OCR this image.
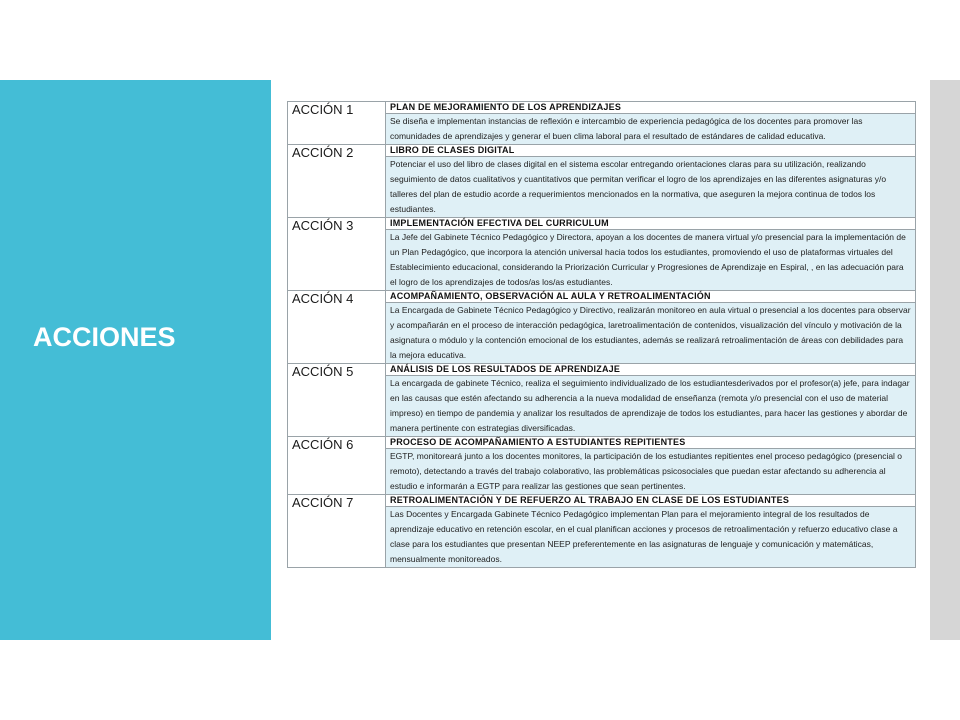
ACCIONES
ACCIÓN 1	PLAN DE MEJORAMIENTO DE LOS APRENDIZAJES
	Se diseña e implementan instancias de reflexión e intercambio de experiencia pedagógica de los docentes para promover las comunidades de aprendizajes y generar el buen clima laboral para el resultado de estándares de calidad educativa.
ACCIÓN 2	LIBRO DE CLASES DIGITAL
	Potenciar el uso del libro de clases digital en el sistema escolar entregando orientaciones claras para su utilización, realizando seguimiento de datos cualitativos y cuantitativos que permitan verificar el logro de los aprendizajes en las diferentes asignaturas y/o talleres del plan de estudio acorde a requerimientos mencionados en la normativa, que aseguren la mejora continua de todos los estudiantes.
ACCIÓN 3	IMPLEMENTACIÓN EFECTIVA DEL CURRICULUM
	La Jefe del Gabinete Técnico Pedagógico y Directora, apoyan a los docentes de manera virtual y/o presencial para la implementación de un Plan Pedagógico, que incorpora la atención universal hacia todos los estudiantes, promoviendo el uso de plataformas virtuales del Establecimiento educacional, considerando la Priorización Curricular y Progresiones de Aprendizaje en Espiral, , en las adecuación para el logro de los aprendizajes de todos/as los/as estudiantes.
ACCIÓN 4	ACOMPAÑAMIENTO, OBSERVACIÓN AL AULA Y RETROALIMENTACIÓN
	La Encargada de Gabinete Técnico Pedagógico y Directivo, realizarán monitoreo en aula virtual o presencial a los docentes para observar y acompañarán en el proceso de interacción pedagógica, laretroalimentación de contenidos, visualización del vínculo y motivación de la asignatura o módulo y la contención emocional de los estudiantes, además se realizará retroalimentación de áreas con debilidades para la mejora educativa.
ACCIÓN 5	ANÁLISIS DE LOS RESULTADOS DE APRENDIZAJE
	La encargada de gabinete Técnico, realiza el seguimiento individualizado de los estudiantesderivados por el profesor(a) jefe, para indagar en las causas que estén afectando su adherencia a la nueva modalidad de enseñanza (remota y/o presencial con el uso de material impreso) en tiempo de pandemia y analizar los resultados de aprendizaje de todos los estudiantes, para hacer las gestiones y abordar de manera pertinente con estrategias diversificadas.
ACCIÓN 6	PROCESO DE ACOMPAÑAMIENTO A ESTUDIANTES REPITIENTES
	EGTP, monitoreará junto a los docentes monitores, la participación de los estudiantes repitientes enel proceso pedagógico (presencial o remoto), detectando a través del trabajo colaborativo, las problemáticas psicosociales que puedan estar afectando su adherencia al estudio e informarán a EGTP para realizar las gestiones que sean pertinentes.
ACCIÓN 7	RETROALIMENTACIÓN Y DE REFUERZO AL TRABAJO EN CLASE DE LOS ESTUDIANTES
	Las Docentes y Encargada Gabinete Técnico Pedagógico implementan Plan para el mejoramiento integral de los resultados de aprendizaje educativo en retención escolar, en el cual planifican acciones y procesos de retroalimentación y refuerzo educativo clase a clase para los estudiantes que presentan NEEP preferentemente en las asignaturas de lenguaje y comunicación y matemáticas, mensualmente monitoreados.
